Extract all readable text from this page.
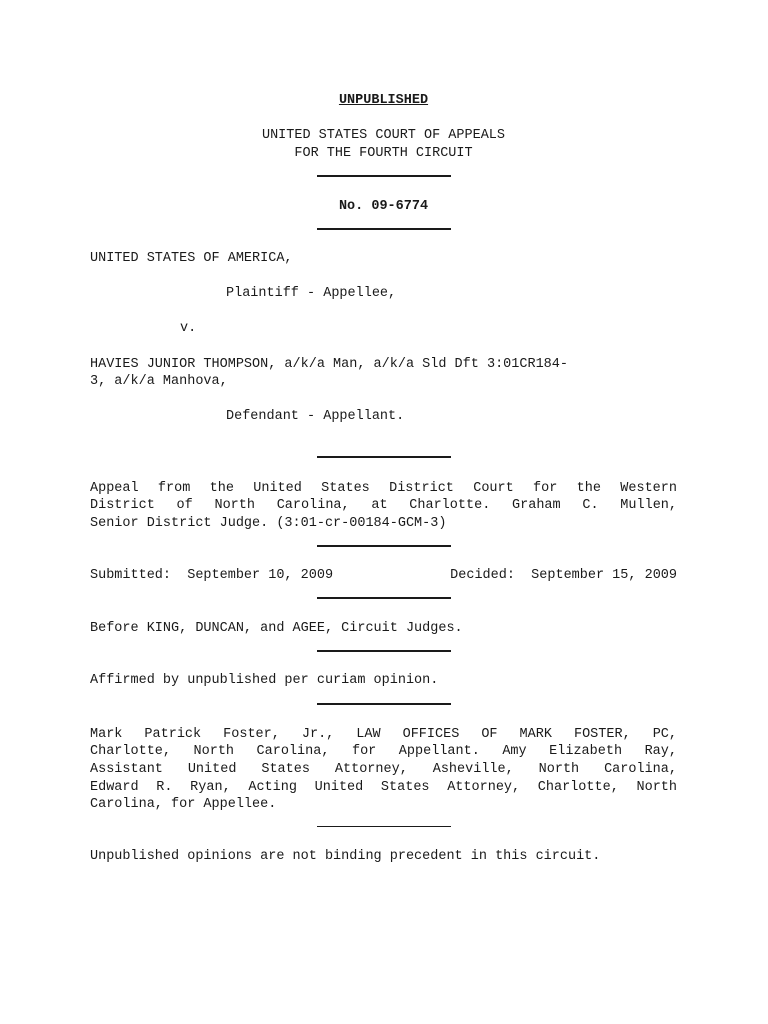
UNPUBLISHED
UNITED STATES COURT OF APPEALS
FOR THE FOURTH CIRCUIT
No. 09-6774
UNITED STATES OF AMERICA,
Plaintiff - Appellee,
v.
HAVIES JUNIOR THOMPSON, a/k/a Man, a/k/a Sld Dft 3:01CR184-
3, a/k/a Manhova,
Defendant - Appellant.
Appeal from the United States District Court for the Western
District of North Carolina, at Charlotte. Graham C. Mullen,
Senior District Judge. (3:01-cr-00184-GCM-3)
Submitted:  September 10, 2009	Decided:  September 15, 2009
Before KING, DUNCAN, and AGEE, Circuit Judges.
Affirmed by unpublished per curiam opinion.
Mark Patrick Foster, Jr., LAW OFFICES OF MARK FOSTER, PC,
Charlotte, North Carolina, for Appellant. Amy Elizabeth Ray,
Assistant United States Attorney, Asheville, North Carolina,
Edward R. Ryan, Acting United States Attorney, Charlotte, North
Carolina, for Appellee.
Unpublished opinions are not binding precedent in this circuit.
